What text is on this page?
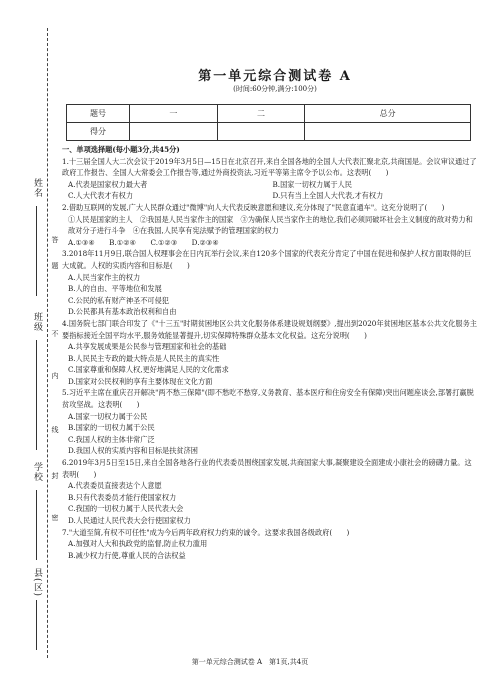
姓名
班级
学校
县(区)
答
题
不
内
线
封
密
第一单元综合测试卷 A
(时间:60分钟,满分:100分)
题号	一	二	总分
得分			
一、单项选择题(每小题3分,共45分)

1.十三届全国人大二次会议于2019年3月5日—15日在北京召开,来自全国各地的全国人大代表汇聚北京,共商国是。会议审议通过了政府工作报告、全国人大常委会工作报告等,通过外商投资法,习近平等第主席令予以公布。这表明(　　)

A.代表是国家权力最大者	B.国家一切权力属于人民
C.人大代表才有权力	D.只有当上全国人大代表,才有权力

2.借助互联网的发展,广大人民群众通过"微博"向人大代表反映意愿和建议,充分体现了"民意直通车"。这充分说明了(　　)

①人民是国家的主人　②我国是人民当家作主的国家　③为确保人民当家作主的地位,我们必须同破坏社会主义制度的敌对势力和敌对分子进行斗争　④在我国,人民享有宪法赋予的管理国家的权力

A.①③④　　B.①②④　　C.①②③　　D.②③④

3.2018年11月9日,联合国人权理事会在日内瓦举行会议,来自120多个国家的代表充分肯定了中国在促进和保护人权方面取得的巨大成就。人权的实质内容和目标是(　　)

A.人民当家作主的权力

B.人的自由、平等地位和发展

C.公民的私有财产神圣不可侵犯

D.公民都具有基本政治权利和自由

4.国务院七部门联合印发了《"十三五"时期贫困地区公共文化服务体系建设规划纲要》,提出到2020年贫困地区基本公共文化服务主要指标接近全国平均水平,服务效能显著提升,切实保障特殊群众基本文化权益。这充分说明(　　)

A.共享发展成果是公民参与管理国家和社会的基础

B.人民民主专政的最大特点是人民民主的真实性

C.国家尊重和保障人权,更好地满足人民的文化需求

D.国家对公民权利的享有主要体现在文化方面

5.习近平主席在重庆召开解决"两不愁三保障"(即不愁吃不愁穿,义务教育、基本医疗和住房安全有保障)突出问题座谈会,部署打赢脱贫攻坚战。这表明(　　)

A.国家一切权力属于公民

B.国家的一切权力属于公民

C.我国人权的主体非常广泛

D.我国人权的实质内容和目标是扶贫济困

6.2019年3月5日至15日,来自全国各地各行业的代表委员围绕国家发展,共商国家大事,凝聚建设全面建成小康社会的磅礴力量。这表明(　　)

A.代表委员直接表达个人意愿

B.只有代表委员才能行使国家权力

C.我国的一切权力属于人民代表大会

D.人民通过人民代表大会行使国家权力

7."大道至简,有权不可任性"成为今后两年政府权力约束的诚令。这要求我国各级政府(　　)

A.加强对人大和执政党的监督,防止权力滥用

B.减少权力行使,尊重人民的合法权益

第一单元综合测试卷 A　第1页,共4页
